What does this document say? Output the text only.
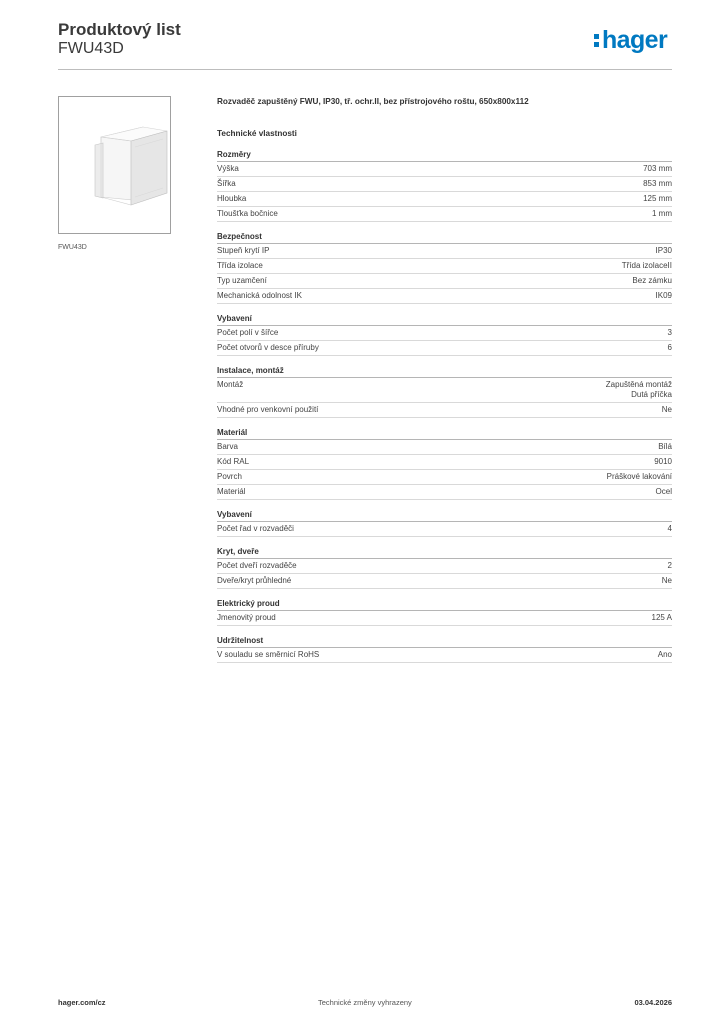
Produktový list
FWU43D	hager
FWU43D
Rozvaděč zapuštěný FWU, IP30, tř. ochr.II, bez přístrojového roštu, 650x800x112
Technické vlastnosti
Rozměry
Výška	703 mm
Šířka	853 mm
Hloubka	125 mm
Tloušťka bočnice	1 mm
Bezpečnost
Stupeň krytí IP	IP30
Třída izolace	Třída izolaceII
Typ uzamčení	Bez zámku
Mechanická odolnost IK	IK09
Vybavení
Počet polí v šířce	3
Počet otvorů v desce příruby	6
Instalace, montáž
Montáž	Zapuštěná montáž
Dutá příčka
Vhodné pro venkovní použití	Ne
Materiál
Barva	Bílá
Kód RAL	9010
Povrch	Práškové lakování
Materiál	Ocel
Vybavení
Počet řad v rozvaděči	4
Kryt, dveře
Počet dveří rozvaděče	2
Dveře/kryt průhledné	Ne
Elektrický proud
Jmenovitý proud	125 A
Udržitelnost
V souladu se směrnicí RoHS	Ano
hager.com/cz	Technické změny vyhrazeny	03.04.2026
